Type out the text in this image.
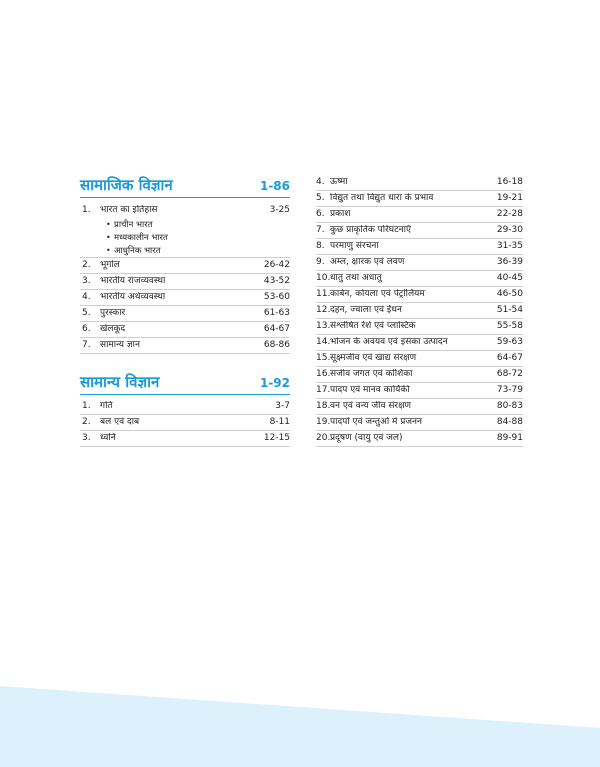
सामाजिक विज्ञान	1-86
1.	भारत का इतिहास	3-25
• प्राचीन भारत
• मध्यकालीन भारत
• आधुनिक भारत
2.	भूगोल	26-42
3.	भारतीय राजव्यवस्था	43-52
4.	भारतीय अर्थव्यवस्था	53-60
5.	पुरस्कार	61-63
6.	खेलकूद	64-67
7.	सामान्य ज्ञान	68-86
सामान्य विज्ञान	1-92
1.	गति	3-7
2.	बल एवं दाब	8-11
3.	ध्वनि	12-15
4. ऊष्मा	16-18
5. विद्युत तथा विद्युत धारा के प्रभाव	19-21
6. प्रकाश	22-28
7. कुछ प्राकृतिक परिघटनाएँ	29-30
8. परमाणु संरचना	31-35
9. अम्ल, क्षारक एवं लवण	36-39
10. धातु तथा अधातु	40-45
11. कार्बन, कोयला एवं पेट्रोलियम	46-50
12. दहन, ज्वाला एवं ईंधन	51-54
13. संश्लेषित रेशे एवं प्लास्टिक	55-58
14. भोजन के अवयव एवं इसका उत्पादन	59-63
15. सूक्ष्मजीव एवं खाद्य संरक्षण	64-67
16. सजीव जगत एवं कोशिका	68-72
17. पादप एवं मानव कार्यिकी	73-79
18. वन एवं वन्य जीव संरक्षण	80-83
19. पादपों एवं जन्तुओं में प्रजनन	84-88
20. प्रदूषण (वायु एवं जल)	89-91
